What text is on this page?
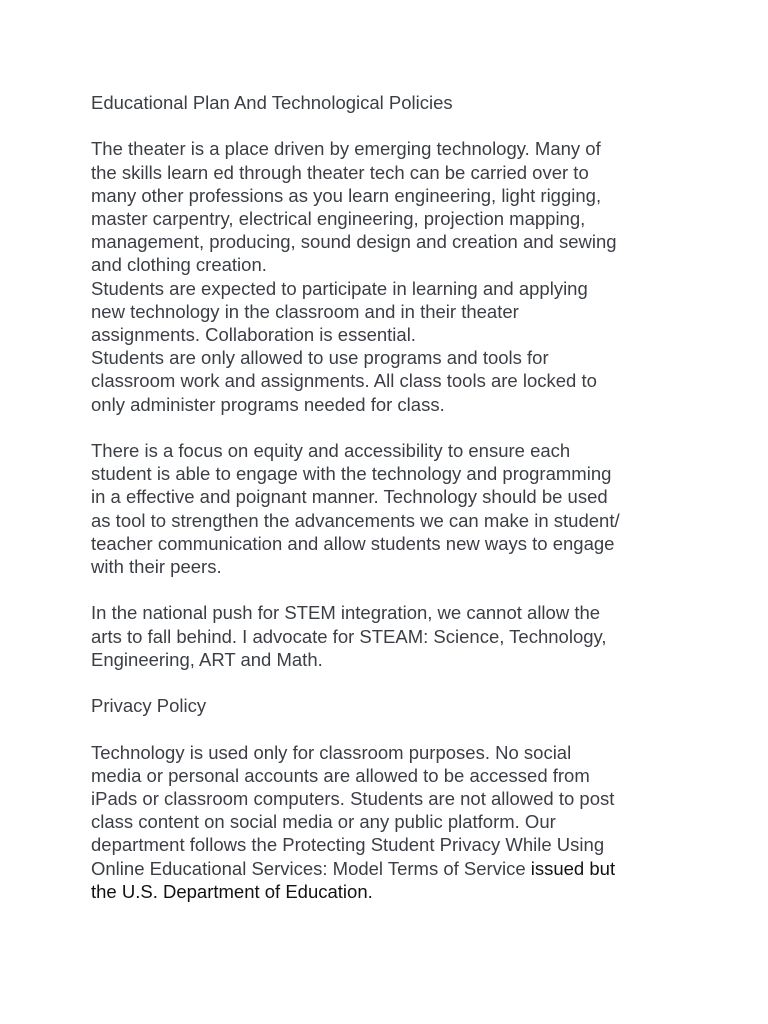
Educational Plan And Technological Policies
The theater is a place driven by emerging technology. Many of
the skills learn ed through theater tech can be carried over to
many other professions as you learn engineering, light rigging,
master carpentry, electrical engineering, projection mapping,
management, producing, sound design and creation and sewing
and clothing creation.
Students are expected to participate in learning and applying
new technology in the classroom and in their theater
assignments. Collaboration is essential.
Students are only allowed to use programs and tools for
classroom work and assignments. All class tools are locked to
only administer programs needed for class.
There is a focus on equity and accessibility to ensure each
student is able to engage with the technology and programming
in a effective and poignant manner. Technology should be used
as tool to strengthen the advancements we can make in student/
teacher communication and allow students new ways to engage
with their peers.
In the national push for STEM integration, we cannot allow the
arts to fall behind. I advocate for STEAM: Science, Technology,
Engineering, ART and Math.
Privacy Policy
Technology is used only for classroom purposes. No social
media or personal accounts are allowed to be accessed from
iPads or classroom computers. Students are not allowed to post
class content on social media or any public platform. Our
department follows the Protecting Student Privacy While Using
Online Educational Services: Model Terms of Service issued but
the U.S. Department of Education.
